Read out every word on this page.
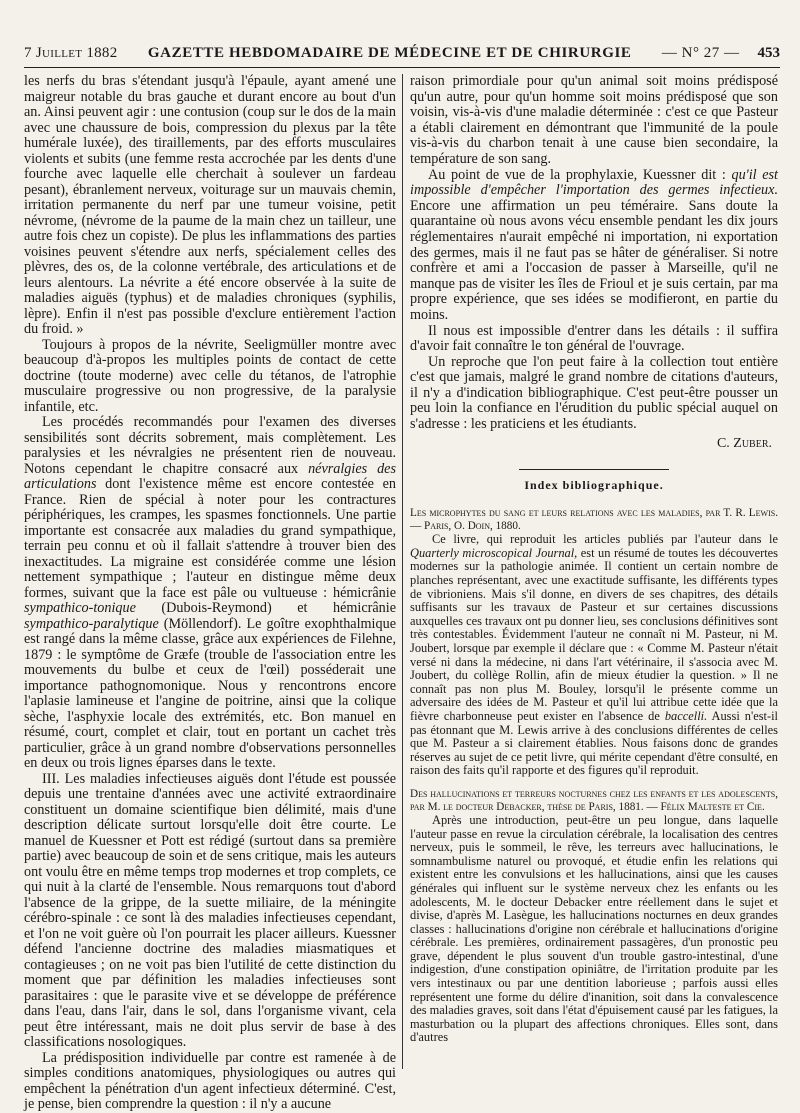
7 Juillet 1882 GAZETTE HEBDOMADAIRE DE MÉDECINE ET DE CHIRURGIE — N° 27 — 453

les nerfs du bras s'étendant jusqu'à l'épaule, ayant amené une maigreur notable du bras gauche et durant encore au bout d'un an. Ainsi peuvent agir : une contusion (coup sur le dos de la main avec une chaussure de bois, compression du plexus par la tête humérale luxée), des tiraillements, par des efforts musculaires violents et subits (une femme resta accrochée par les dents d'une fourche avec laquelle elle cherchait à soulever un fardeau pesant), ébranlement nerveux, voiturage sur un mauvais chemin, irritation permanente du nerf par une tumeur voisine, petit névrome, (névrome de la paume de la main chez un tailleur, une autre fois chez un copiste). De plus les inflammations des parties voisines peuvent s'étendre aux nerfs, spécialement celles des plèvres, des os, de la colonne vertébrale, des articulations et de leurs alentours. La névrite a été encore observée à la suite de maladies aiguës (typhus) et de maladies chroniques (syphilis, lèpre). Enfin il n'est pas possible d'exclure entièrement l'action du froid. »

Toujours à propos de la névrite, Seeligmüller montre avec beaucoup d'à-propos les multiples points de contact de cette doctrine (toute moderne) avec celle du tétanos, de l'atrophie musculaire progressive ou non progressive, de la paralysie infantile, etc.

Les procédés recommandés pour l'examen des diverses sensibilités sont décrits sobrement, mais complètement. Les paralysies et les névralgies ne présentent rien de nouveau. Notons cependant le chapitre consacré aux névralgies des articulations dont l'existence même est encore contestée en France. Rien de spécial à noter pour les contractures périphériques, les crampes, les spasmes fonctionnels. Une partie importante est consacrée aux maladies du grand sympathique, terrain peu connu et où il fallait s'attendre à trouver bien des inexactitudes. La migraine est considérée comme une lésion nettement sympathique ; l'auteur en distingue même deux formes, suivant que la face est pâle ou vultueuse : hémicrânie sympathico-tonique (Dubois-Reymond) et hémicrânie sympathico-paralytique (Möllendorf). Le goître exophthalmique est rangé dans la même classe, grâce aux expériences de Filehne, 1879 : le symptôme de Græfe (trouble de l'association entre les mouvements du bulbe et ceux de l'œil) posséderait une importance pathognomonique. Nous y rencontrons encore l'aplasie lamineuse et l'angine de poitrine, ainsi que la colique sèche, l'asphyxie locale des extrémités, etc. Bon manuel en résumé, court, complet et clair, tout en portant un cachet très particulier, grâce à un grand nombre d'observations personnelles en deux ou trois lignes éparses dans le texte.

III. Les maladies infectieuses aiguës dont l'étude est poussée depuis une trentaine d'années avec une activité extraordinaire constituent un domaine scientifique bien délimité, mais d'une description délicate surtout lorsqu'elle doit être courte. Le manuel de Kuessner et Pott est rédigé (surtout dans sa première partie) avec beaucoup de soin et de sens critique, mais les auteurs ont voulu être en même temps trop modernes et trop complets, ce qui nuit à la clarté de l'ensemble. Nous remarquons tout d'abord l'absence de la grippe, de la suette miliaire, de la méningite cérébro-spinale : ce sont là des maladies infectieuses cependant, et l'on ne voit guère où l'on pourrait les placer ailleurs. Kuessner défend l'ancienne doctrine des maladies miasmatiques et contagieuses ; on ne voit pas bien l'utilité de cette distinction du moment que par définition les maladies infectieuses sont parasitaires : que le parasite vive et se développe de préférence dans l'eau, dans l'air, dans le sol, dans l'organisme vivant, cela peut être intéressant, mais ne doit plus servir de base à des classifications nosologiques.

La prédisposition individuelle par contre est ramenée à de simples conditions anatomiques, physiologiques ou autres qui empêchent la pénétration d'un agent infectieux déterminé. C'est, je pense, bien comprendre la question : il n'y a aucune

raison primordiale pour qu'un animal soit moins prédisposé qu'un autre, pour qu'un homme soit moins prédisposé que son voisin, vis-à-vis d'une maladie déterminée : c'est ce que Pasteur a établi clairement en démontrant que l'immunité de la poule vis-à-vis du charbon tenait à une cause bien secondaire, la température de son sang.

Au point de vue de la prophylaxie, Kuessner dit : qu'il est impossible d'empêcher l'importation des germes infectieux. Encore une affirmation un peu téméraire. Sans doute la quarantaine où nous avons vécu ensemble pendant les dix jours réglementaires n'aurait empêché ni importation, ni exportation des germes, mais il ne faut pas se hâter de généraliser. Si notre confrère et ami a l'occasion de passer à Marseille, qu'il ne manque pas de visiter les îles de Frioul et je suis certain, par ma propre expérience, que ses idées se modifieront, en partie du moins.

Il nous est impossible d'entrer dans les détails : il suffira d'avoir fait connaître le ton général de l'ouvrage.

Un reproche que l'on peut faire à la collection tout entière c'est que jamais, malgré le grand nombre de citations d'auteurs, il n'y a d'indication bibliographique. C'est peut-être pousser un peu loin la confiance en l'érudition du public spécial auquel on s'adresse : les praticiens et les étudiants.

C. Zuber.
Index bibliographique.

Les microphytes du sang et leurs relations avec les maladies, par T. R. Lewis. — Paris, O. Doin, 1880.

Ce livre, qui reproduit les articles publiés par l'auteur dans le Quarterly microscopical Journal, est un résumé de toutes les découvertes modernes sur la pathologie animée. Il contient un certain nombre de planches représentant, avec une exactitude suffisante, les différents types de vibrioniens. Mais s'il donne, en divers de ses chapitres, des détails suffisants sur les travaux de Pasteur et sur certaines discussions auxquelles ces travaux ont pu donner lieu, ses conclusions définitives sont très contestables. Évidemment l'auteur ne connaît ni M. Pasteur, ni M. Joubert, lorsque par exemple il déclare que : « Comme M. Pasteur n'était versé ni dans la médecine, ni dans l'art vétérinaire, il s'associa avec M. Joubert, du collège Rollin, afin de mieux étudier la question. » Il ne connaît pas non plus M. Bouley, lorsqu'il le présente comme un adversaire des idées de M. Pasteur et qu'il lui attribue cette idée que la fièvre charbonneuse peut exister en l'absence de baccelli. Aussi n'est-il pas étonnant que M. Lewis arrive à des conclusions différentes de celles que M. Pasteur a si clairement établies. Nous faisons donc de grandes réserves au sujet de ce petit livre, qui mérite cependant d'être consulté, en raison des faits qu'il rapporte et des figures qu'il reproduit.

Des hallucinations et terreurs nocturnes chez les enfants et les adolescents, par M. le docteur Debacker, thèse de Paris, 1881. — Félix Malteste et Cie.

Après une introduction, peut-être un peu longue, dans laquelle l'auteur passe en revue la circulation cérébrale, la localisation des centres nerveux, puis le sommeil, le rêve, les terreurs avec hallucinations, le somnambulisme naturel ou provoqué, et étudie enfin les relations qui existent entre les convulsions et les hallucinations, ainsi que les causes générales qui influent sur le système nerveux chez les enfants ou les adolescents, M. le docteur Debacker entre réellement dans le sujet et divise, d'après M. Lasègue, les hallucinations nocturnes en deux grandes classes : hallucinations d'origine non cérébrale et hallucinations d'origine cérébrale. Les premières, ordinairement passagères, d'un pronostic peu grave, dépendent le plus souvent d'un trouble gastro-intestinal, d'une indigestion, d'une constipation opiniâtre, de l'irritation produite par les vers intestinaux ou par une dentition laborieuse ; parfois aussi elles représentent une forme du délire d'inanition, soit dans la convalescence des maladies graves, soit dans l'état d'épuisement causé par les fatigues, la masturbation ou la plupart des affections chroniques. Elles sont, dans d'autres
